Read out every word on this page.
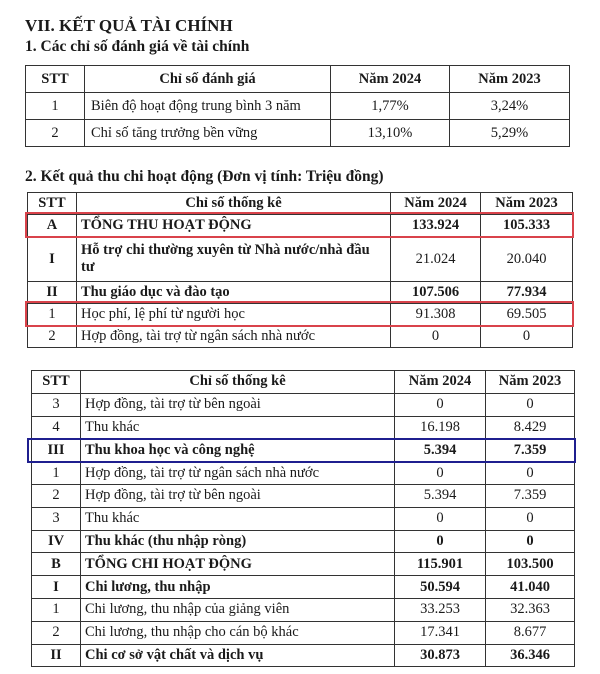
VII. KẾT QUẢ TÀI CHÍNH
1. Các chỉ số đánh giá về tài chính
STT	Chỉ số đánh giá	Năm 2024	Năm 2023
1	Biên độ hoạt động trung bình 3 năm	1,77%	3,24%
2	Chỉ số tăng trưởng bền vững	13,10%	5,29%
2. Kết quả thu chi hoạt động (Đơn vị tính: Triệu đồng)
STT	Chỉ số thống kê	Năm 2024	Năm 2023
A	TỔNG THU HOẠT ĐỘNG	133.924	105.333
I	Hỗ trợ chi thường xuyên từ Nhà nước/nhà đầu tư	21.024	20.040
II	Thu giáo dục và đào tạo	107.506	77.934
1	Học phí, lệ phí từ người học	91.308	69.505
2	Hợp đồng, tài trợ từ ngân sách nhà nước	0	0
STT	Chỉ số thống kê	Năm 2024	Năm 2023
3	Hợp đồng, tài trợ từ bên ngoài	0	0
4	Thu khác	16.198	8.429
III	Thu khoa học và công nghệ	5.394	7.359
1	Hợp đồng, tài trợ từ ngân sách nhà nước	0	0
2	Hợp đồng, tài trợ từ bên ngoài	5.394	7.359
3	Thu khác	0	0
IV	Thu khác (thu nhập ròng)	0	0
B	TỔNG CHI HOẠT ĐỘNG	115.901	103.500
I	Chi lương, thu nhập	50.594	41.040
1	Chi lương, thu nhập của giảng viên	33.253	32.363
2	Chi lương, thu nhập cho cán bộ khác	17.341	8.677
II	Chi cơ sở vật chất và dịch vụ	30.873	36.346
